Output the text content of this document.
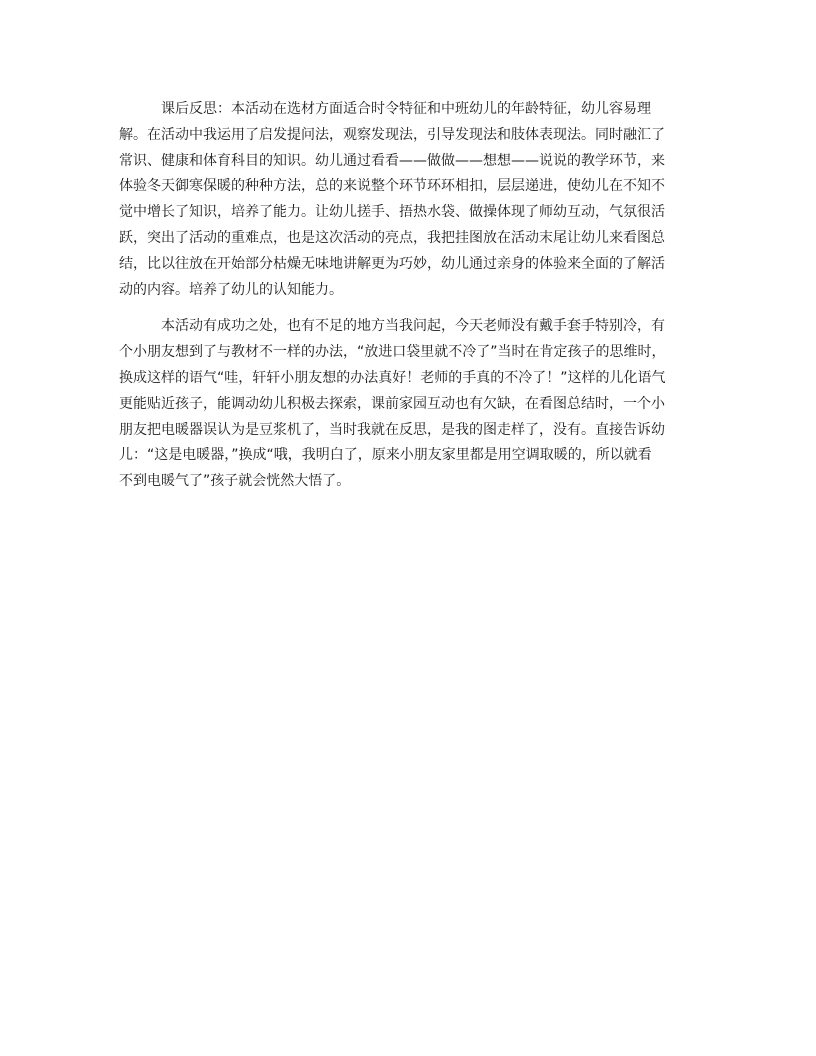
课后反思：本活动在选材方面适合时令特征和中班幼儿的年龄特征，幼儿容易理
解。在活动中我运用了启发提问法，观察发现法，引导发现法和肢体表现法。同时融汇了
常识、健康和体育科目的知识。幼儿通过看看——做做——想想——说说的教学环节，来
体验冬天御寒保暖的种种方法，总的来说整个环节环环相扣，层层递进，使幼儿在不知不
觉中增长了知识，培养了能力。让幼儿搓手、捂热水袋、做操体现了师幼互动，气氛很活
跃，突出了活动的重难点，也是这次活动的亮点，我把挂图放在活动末尾让幼儿来看图总
结，比以往放在开始部分枯燥无味地讲解更为巧妙，幼儿通过亲身的体验来全面的了解活
动的内容。培养了幼儿的认知能力。
本活动有成功之处，也有不足的地方当我问起，今天老师没有戴手套手特别冷，有
个小朋友想到了与教材不一样的办法，“放进口袋里就不冷了”当时在肯定孩子的思维时，
换成这样的语气“哇，轩轩小朋友想的办法真好！老师的手真的不冷了！”这样的儿化语气
更能贴近孩子，能调动幼儿积极去探索，课前家园互动也有欠缺，在看图总结时，一个小
朋友把电暖器误认为是豆浆机了，当时我就在反思，是我的图走样了，没有。直接告诉幼
儿：“这是电暖器，”换成“哦，我明白了，原来小朋友家里都是用空调取暖的，所以就看
不到电暖气了”孩子就会恍然大悟了。
